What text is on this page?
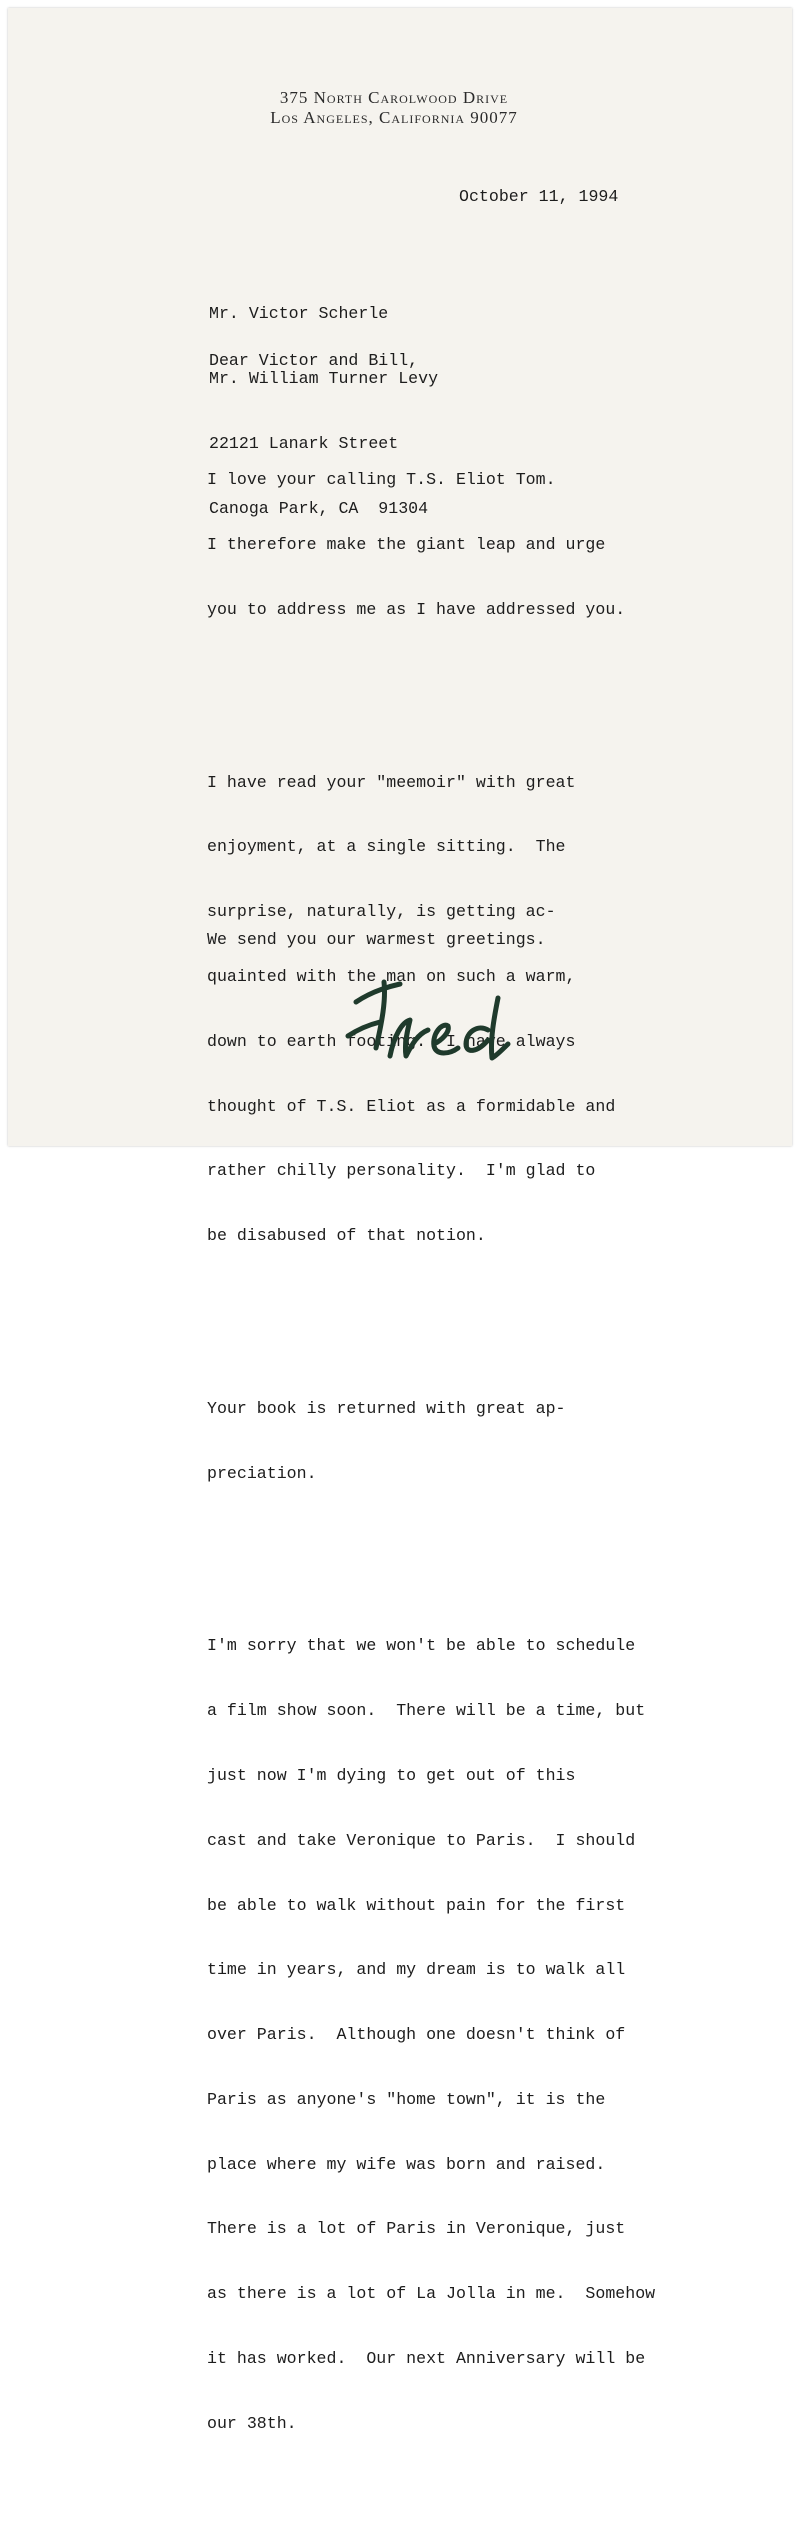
375 North Carolwood Drive
Los Angeles, California 90077
October 11, 1994

Mr. Victor Scherle

Mr. William Turner Levy

22121 Lanark Street

Canoga Park, CA  91304

Dear Victor and Bill,

I love your calling T.S. Eliot Tom.

I therefore make the giant leap and urge

you to address me as I have addressed you.

I have read your "meemoir" with great

enjoyment, at a single sitting.  The

surprise, naturally, is getting ac-

quainted with the man on such a warm,

down to earth footing.  I have always

thought of T.S. Eliot as a formidable and

rather chilly personality.  I'm glad to

be disabused of that notion.

Your book is returned with great ap-

preciation.

I'm sorry that we won't be able to schedule

a film show soon.  There will be a time, but

just now I'm dying to get out of this

cast and take Veronique to Paris.  I should

be able to walk without pain for the first

time in years, and my dream is to walk all

over Paris.  Although one doesn't think of

Paris as anyone's "home town", it is the

place where my wife was born and raised.

There is a lot of Paris in Veronique, just

as there is a lot of La Jolla in me.  Somehow

it has worked.  Our next Anniversary will be

our 38th.

We send you our warmest greetings.
